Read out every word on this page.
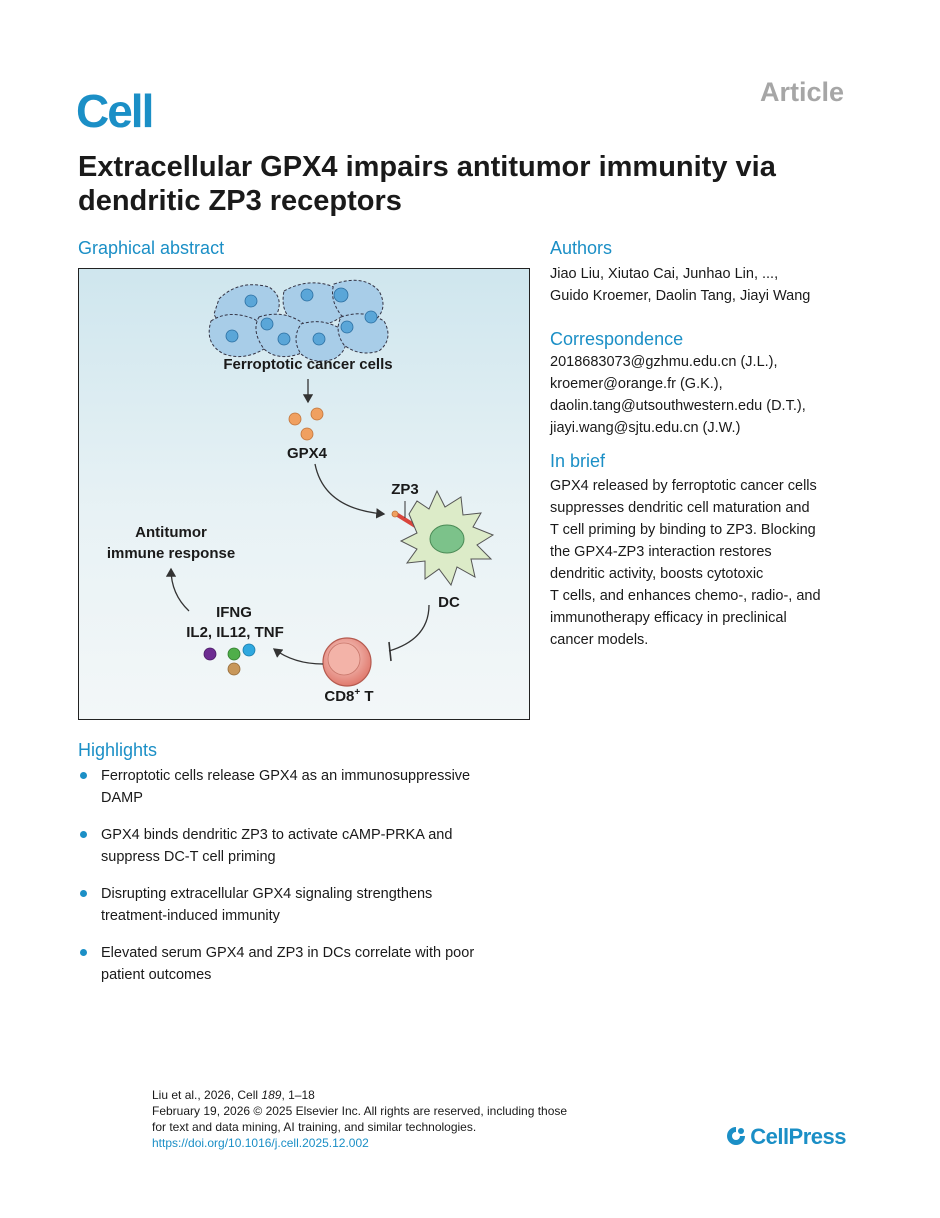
Cell	Article
Extracellular GPX4 impairs antitumor immunity via dendritic ZP3 receptors
Graphical abstract
Ferroptotic cancer cells
GPX4
ZP3
DC
CD8+ T
IFNG
IL2, IL12, TNF
Antitumor
immune response
Authors
Jiao Liu, Xiutao Cai, Junhao Lin, ...,
Guido Kroemer, Daolin Tang, Jiayi Wang
Correspondence
2018683073@gzhmu.edu.cn (J.L.),
kroemer@orange.fr (G.K.),
daolin.tang@utsouthwestern.edu (D.T.),
jiayi.wang@sjtu.edu.cn (J.W.)
In brief
GPX4 released by ferroptotic cancer cells
suppresses dendritic cell maturation and
T cell priming by binding to ZP3. Blocking
the GPX4-ZP3 interaction restores
dendritic activity, boosts cytotoxic
T cells, and enhances chemo-, radio-, and
immunotherapy efficacy in preclinical
cancer models.
Highlights
Ferroptotic cells release GPX4 as an immunosuppressive
DAMP
GPX4 binds dendritic ZP3 to activate cAMP-PRKA and
suppress DC-T cell priming
Disrupting extracellular GPX4 signaling strengthens
treatment-induced immunity
Elevated serum GPX4 and ZP3 in DCs correlate with poor
patient outcomes
Liu et al., 2026, Cell 189, 1–18
February 19, 2026 © 2025 Elsevier Inc. All rights are reserved, including those
for text and data mining, AI training, and similar technologies.
https://doi.org/10.1016/j.cell.2025.12.002	CellPress
